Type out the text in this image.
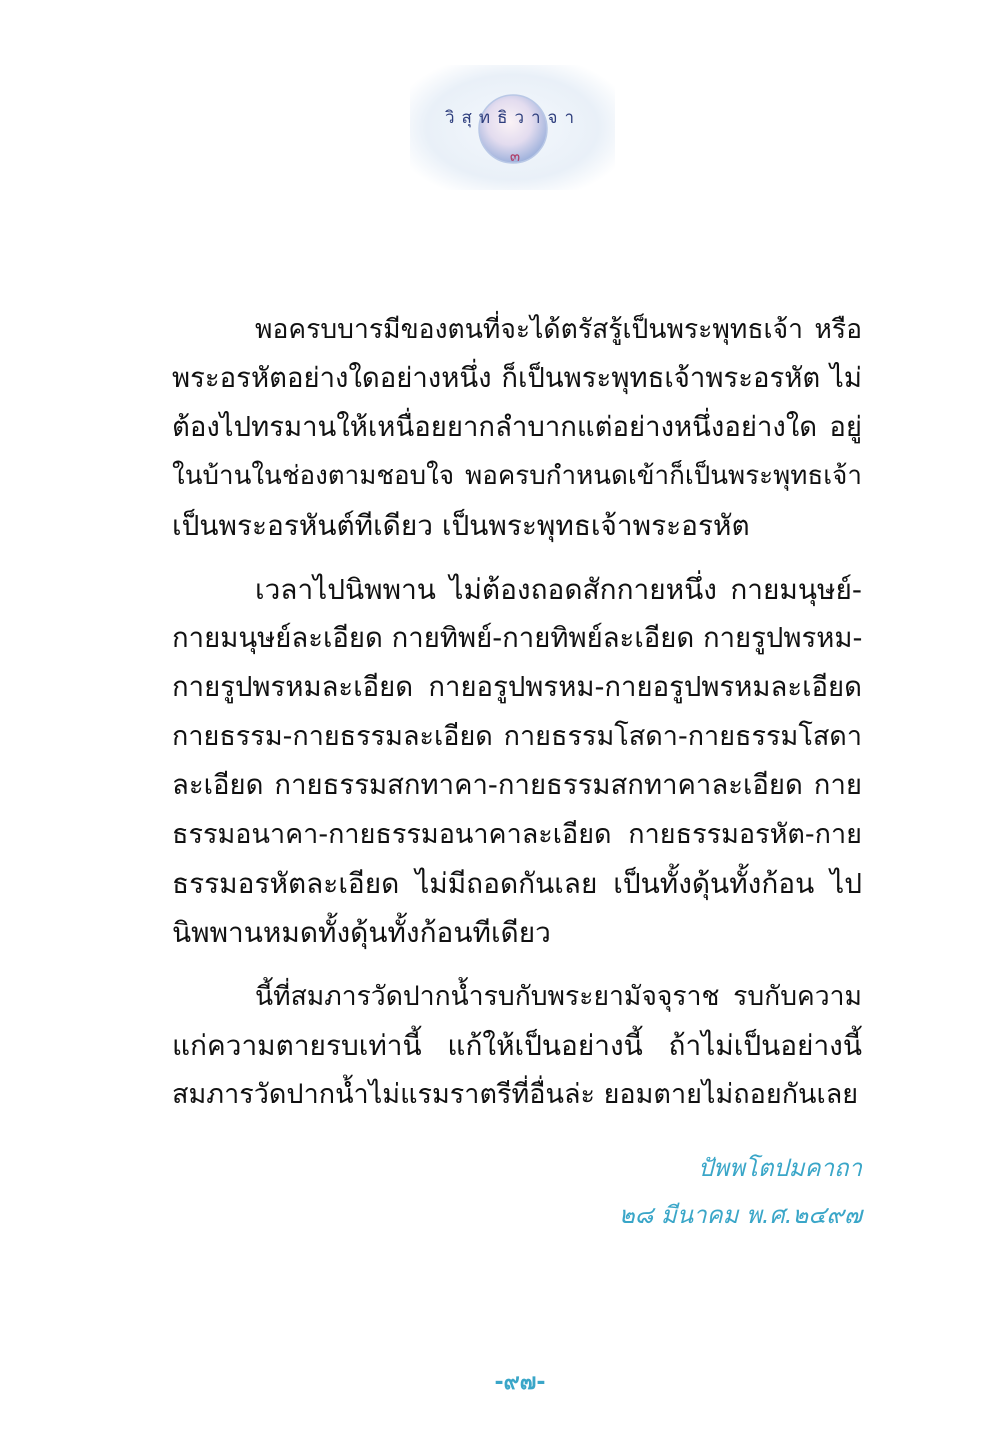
วิสุทธิวาจา
๓
พอครบบารมีของตนที่จะได้ตรัสรู้เป็นพระพุทธเจ้า หรือ
พระอรหัตอย่างใดอย่างหนึ่ง ก็เป็นพระพุทธเจ้าพระอรหัต ไม่
ต้องไปทรมานให้เหนื่อยยากลำบากแต่อย่างหนึ่งอย่างใด อยู่
ในบ้านในช่องตามชอบใจ พอครบกำหนดเข้าก็เป็นพระพุทธเจ้า
เป็นพระอรหันต์ทีเดียว เป็นพระพุทธเจ้าพระอรหัต
เวลาไปนิพพาน ไม่ต้องถอดสักกายหนึ่ง กายมนุษย์-
กายมนุษย์ละเอียด กายทิพย์-กายทิพย์ละเอียด กายรูปพรหม-
กายรูปพรหมละเอียด กายอรูปพรหม-กายอรูปพรหมละเอียด
กายธรรม-กายธรรมละเอียด กายธรรมโสดา-กายธรรมโสดา
ละเอียด กายธรรมสกทาคา-กายธรรมสกทาคาละเอียด กาย
ธรรมอนาคา-กายธรรมอนาคาละเอียด กายธรรมอรหัต-กาย
ธรรมอรหัตละเอียด ไม่มีถอดกันเลย เป็นทั้งดุ้นทั้งก้อน ไป
นิพพานหมดทั้งดุ้นทั้งก้อนทีเดียว
นี้ที่สมภารวัดปากน้ำรบกับพระยามัจจุราช รบกับความ
แก่ความตายรบเท่านี้ แก้ให้เป็นอย่างนี้ ถ้าไม่เป็นอย่างนี้
สมภารวัดปากน้ำไม่แรมราตรีที่อื่นล่ะ ยอมตายไม่ถอยกันเลย
ปัพพโตปมคาถา
๒๘ มีนาคม พ.ศ.๒๔๙๗
-๙๗-
